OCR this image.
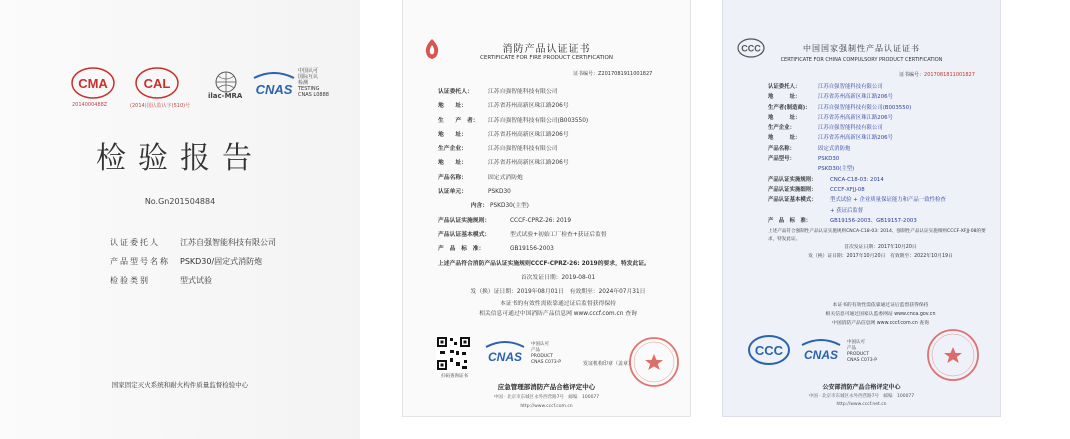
CMA
2014000488Z
CAL
(2014)国认监认字(510)号
ilac-MRA CNAS
中国认可
国际互认
检测
TESTING
CNAS L0888
检验报告
No.Gn201504884
认证委托人	江苏自强智能科技有限公司
产品型号名称	PSKD30/固定式消防炮
检验类别	型式试验
国家固定灭火系统和耐火构件质量监督检验中心
消防产品认证证书
CERTIFICATE FOR FIRE PRODUCT CERTIFICATION
证书编号：Z2017081911001827
认证委托人：	江苏自强智能科技有限公司
地　　址：	江苏省苏州高新区珠江路206号
生　　产　者：	江苏自强智能科技有限公司(B003550)
地　　址：	江苏省苏州高新区珠江路206号
生产企业：	江苏自强智能科技有限公司
地　　址：	江苏省苏州高新区珠江路206号
产品名称：	固定式消防炮
认证单元：	PSKD30
内含： PSKD30(主型)
产品认证实施规则：	CCCF-CPRZ-26: 2019
产品认证基本模式：	型式试验+初始工厂检查+获证后监督
产　品　标　准：	GB19156-2003
上述产品符合消防产品认证实施规则CCCF-CPRZ-26: 2019的要求，特发此证。
首次发证日期：2019-08-01
发（换）证日期：2019年08月01日　有效期至：2024年07月31日
本证书的有效性需依靠通过证后监督获得保持
相关信息可通过中国消防产品信息网 www.cccf.com.cn 查询
扫码查询证书
CNAS
中国认可
产品
PRODUCT
CNAS C073-P	发证机构印章（盖章）
应急管理部消防产品合格评定中心
中国 · 北京市东城区永外西营路7号　邮编　100077
http://www.cccf.com.cn
CCC	中国国家强制性产品认证证书
CERTIFICATE FOR CHINA COMPULSORY PRODUCT CERTIFICATION
证书编号：2017081811001827
认证委托人：	江苏自强智能科技有限公司
地　　　址：	江苏省苏州高新区珠江路206号
生产者(制造商)：	江苏自强智能科技有限公司(B003550)
地　　　址：	江苏省苏州高新区珠江路206号
生产企业：	江苏自强智能科技有限公司
地　　　址：	江苏省苏州高新区珠江路206号
产品名称：	固定式消防炮
产品型号：	PSKD30
PSKD30(主型)
产品认证实施规则：	CNCA-C18-03: 2014
产品认证实施细则：	CCCF-XFJJ-08
产品认证基本模式：	型式试验 + 企业质量保证能力和产品一致性检查
+ 获证后监督
产　品　标　准：	GB19156-2003、GB19157-2003
上述产品符合强制性产品认证实施规则CNCA-C18-03: 2014、强制性产品认证实施细则CCCF-XFJJ-08的要求，特发此证。
首次发证日期：2017年10月20日
发（换）证日期：2017年10月20日　有效期至：2022年10月19日
本证书的有效性需依靠通过证后监督获得保持
相关信息可通过国家认监委网站 www.cnca.gov.cn
中国消防产品信息网 www.cccf.com.cn 查询
CCC CNAS
中国认可
产品
PRODUCT
CNAS C073-P
公安部消防产品合格评定中心
中国 · 北京市东城区永外西营路7号　邮编　100077
http://www.cccf.net.cn
